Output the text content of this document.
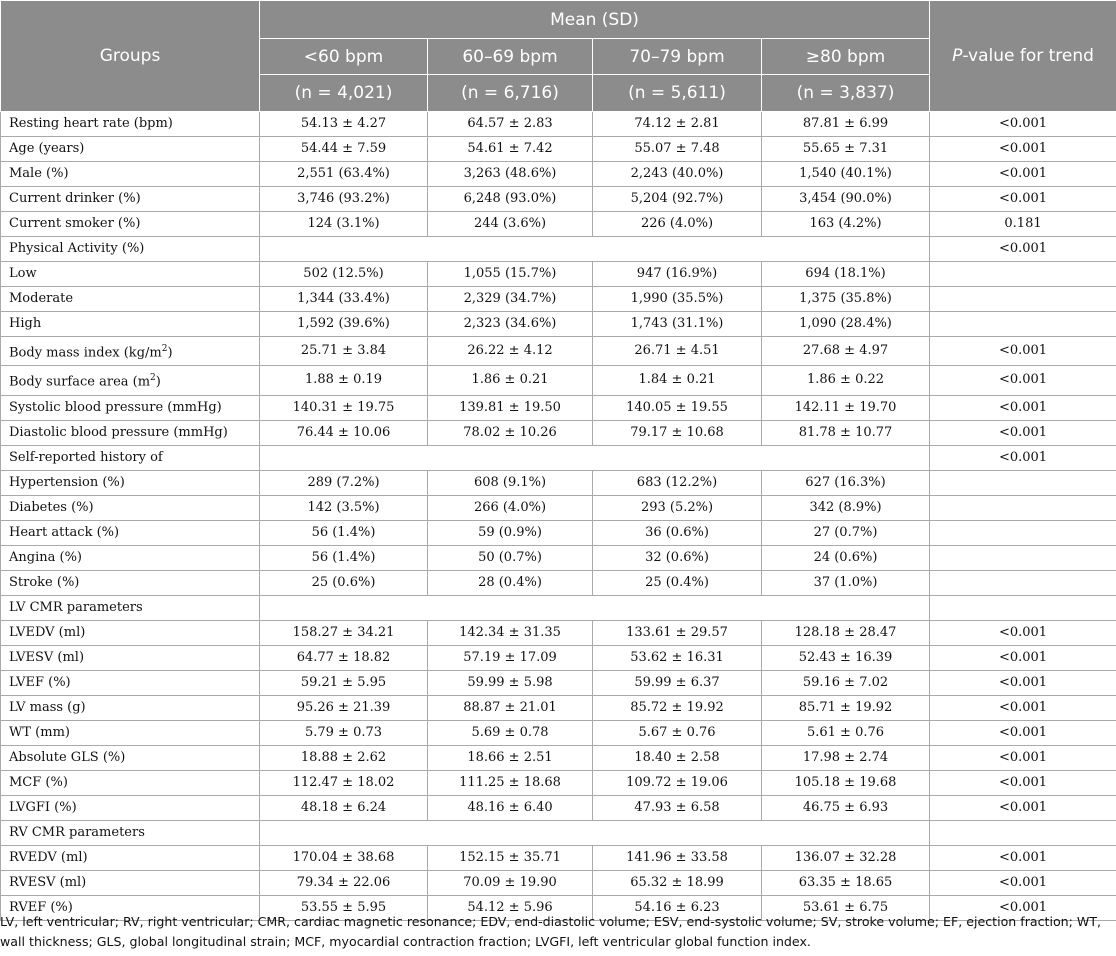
Groups	Mean (SD)				P-value for trend
	<60 bpm	60–69 bpm	70–79 bpm	≥80 bpm	
	(n = 4,021)	(n = 6,716)	(n = 5,611)	(n = 3,837)	
Resting heart rate (bpm)	54.13 ± 4.27	64.57 ± 2.83	74.12 ± 2.81	87.81 ± 6.99	<0.001
Age (years)	54.44 ± 7.59	54.61 ± 7.42	55.07 ± 7.48	55.65 ± 7.31	<0.001
Male (%)	2,551 (63.4%)	3,263 (48.6%)	2,243 (40.0%)	1,540 (40.1%)	<0.001
Current drinker (%)	3,746 (93.2%)	6,248 (93.0%)	5,204 (92.7%)	3,454 (90.0%)	<0.001
Current smoker (%)	124 (3.1%)	244 (3.6%)	226 (4.0%)	163 (4.2%)	0.181
Physical Activity (%)					<0.001
Low	502 (12.5%)	1,055 (15.7%)	947 (16.9%)	694 (18.1%)	
Moderate	1,344 (33.4%)	2,329 (34.7%)	1,990 (35.5%)	1,375 (35.8%)	
High	1,592 (39.6%)	2,323 (34.6%)	1,743 (31.1%)	1,090 (28.4%)	
Body mass index $(kg/m^2)$	25.71 ± 3.84	26.22 ± 4.12	26.71 ± 4.51	27.68 ± 4.97	<0.001
Body surface area $(m^2)$	1.88 ± 0.19	1.86 ± 0.21	1.84 ± 0.21	1.86 ± 0.22	<0.001
Systolic blood pressure (mmHg)	140.31 ± 19.75	139.81 ± 19.50	140.05 ± 19.55	142.11 ± 19.70	<0.001
Diastolic blood pressure (mmHg)	76.44 ± 10.06	78.02 ± 10.26	79.17 ± 10.68	81.78 ± 10.77	<0.001
Self-reported history of					<0.001
Hypertension (%)	289 (7.2%)	608 (9.1%)	683 (12.2%)	627 (16.3%)	
Diabetes (%)	142 (3.5%)	266 (4.0%)	293 (5.2%)	342 (8.9%)	
Heart attack (%)	56 (1.4%)	59 (0.9%)	36 (0.6%)	27 (0.7%)	
Angina (%)	56 (1.4%)	50 (0.7%)	32 (0.6%)	24 (0.6%)	
Stroke (%)	25 (0.6%)	28 (0.4%)	25 (0.4%)	37 (1.0%)	
LV CMR parameters					
LVEDV (ml)	158.27 ± 34.21	142.34 ± 31.35	133.61 ± 29.57	128.18 ± 28.47	<0.001
LVESV (ml)	64.77 ± 18.82	57.19 ± 17.09	53.62 ± 16.31	52.43 ± 16.39	<0.001
LVEF (%)	59.21 ± 5.95	59.99 ± 5.98	59.99 ± 6.37	59.16 ± 7.02	<0.001
LV mass (g)	95.26 ± 21.39	88.87 ± 21.01	85.72 ± 19.92	85.71 ± 19.92	<0.001
WT (mm)	5.79 ± 0.73	5.69 ± 0.78	5.67 ± 0.76	5.61 ± 0.76	<0.001
Absolute GLS (%)	18.88 ± 2.62	18.66 ± 2.51	18.40 ± 2.58	17.98 ± 2.74	<0.001
MCF (%)	112.47 ± 18.02	111.25 ± 18.68	109.72 ± 19.06	105.18 ± 19.68	<0.001
LVGFI (%)	48.18 ± 6.24	48.16 ± 6.40	47.93 ± 6.58	46.75 ± 6.93	<0.001
RV CMR parameters					
RVEDV (ml)	170.04 ± 38.68	152.15 ± 35.71	141.96 ± 33.58	136.07 ± 32.28	<0.001
RVESV (ml)	79.34 ± 22.06	70.09 ± 19.90	65.32 ± 18.99	63.35 ± 18.65	<0.001
RVEF (%)	53.55 ± 5.95	54.12 ± 5.96	54.16 ± 6.23	53.61 ± 6.75	<0.001

LV, left ventricular; RV, right ventricular; CMR, cardiac magnetic resonance; EDV, end-diastolic volume; ESV, end-systolic volume; SV, stroke volume; EF, ejection fraction; WT, wall thickness; GLS, global longitudinal strain; MCF, myocardial contraction fraction; LVGFI, left ventricular global function index.
